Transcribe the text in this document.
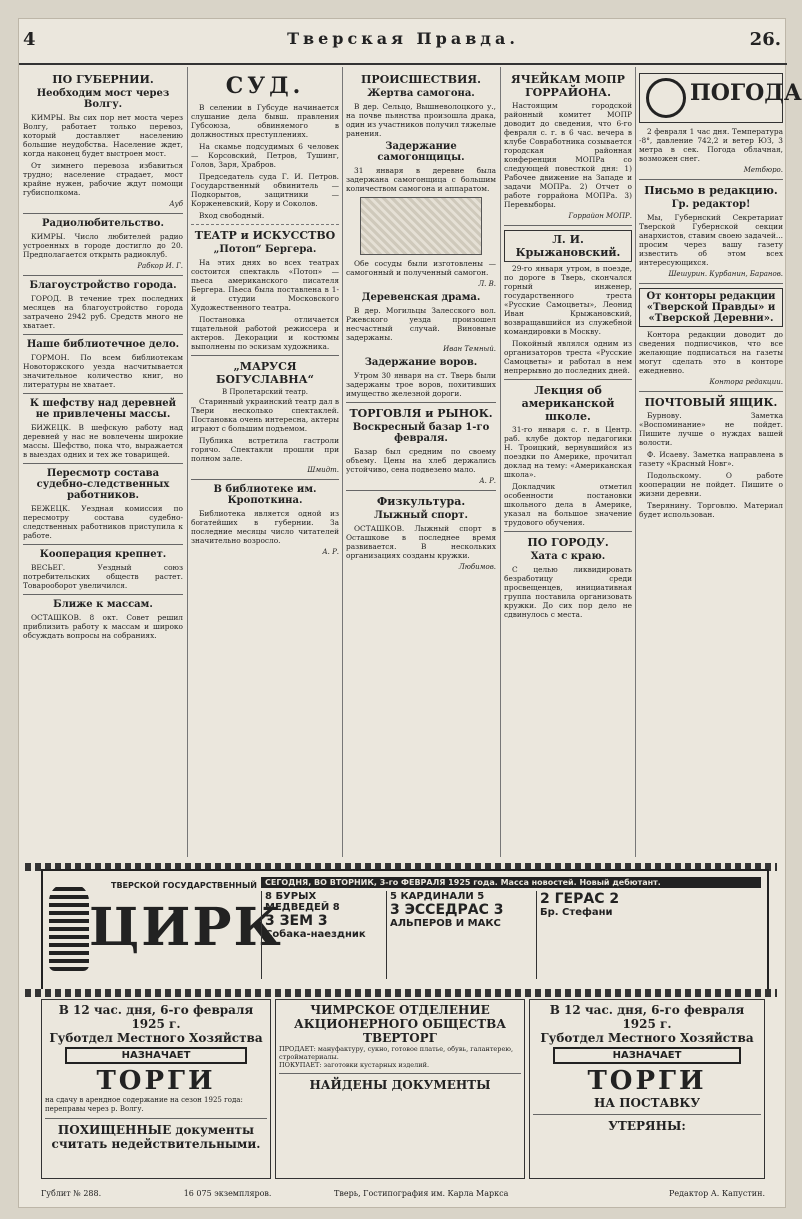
4	Тверская Правда.	26.
ПО ГУБЕРНИИ.
Необходим мост через Волгу.

КИМРЫ. Вы сих пор нет моста через Волгу, работает только перевоз, который доставляет населению большие неудобства. Население ждет, когда наконец будет выстроен мост.

От зимнего перевоза избавиться трудно; население страдает, мост крайне нужен, рабочие ждут помощи губисполкома.

Ауб
Радиолюбительство.

КИМРЫ. Число любителей радио устроенных в городе достигло до 20. Предполагается открыть радиоклуб.

Рабкор И. Г.
Благоустройство города.

ГОРОД. В течение трех последних месяцев на благоустройство города затрачено 2942 руб. Средств много не хватает.

Наше библиотечное дело.

ГОРМОН. По всем библиотекам Новоторжского уезда насчитывается значительное количество книг, но литературы не хватает.

К шефству над деревней не привлечены массы.

БИЖЕЦК. В шефскую работу над деревней у нас не вовлечены широкие массы. Шефство, пока что, выражается в выездах одних и тех же товарищей.

Пересмотр состава судебно-следственных работников.

БЕЖЕЦК. Уездная комиссия по пересмотру состава судебно-следственных работников приступила к работе.

Кооперация крепнет.

ВЕСЬЕГ. Уездный союз потребительских обществ растет. Товарооборот увеличился.

Ближе к массам.

ОСТАШКОВ. 8 окт. Совет решил приблизить работу к массам и широко обсуждать вопросы на собраниях.

СУД.

В селении в Губсуде начинается слушание дела бывш. правления Губсоюза, обвиняемого в должностных преступлениях.

На скамье подсудимых 6 человек — Корсовский, Петров, Тушинг, Голов, Заря, Храбров.

Председатель суда Г. И. Петров. Государственный обвинитель — Подкорытов, защитники — Корженевский, Кору и Соколов.

Вход свободный.

ТЕАТР и ИСКУССТВО
„Потоп“ Бергера.

На этих днях во всех театрах состоится спектакль «Потоп» — пьеса американского писателя Бергера. Пьеса была поставлена в 1-й студии Московского Художественного театра.

Постановка отличается тщательной работой режиссера и актеров. Декорации и костюмы выполнены по эскизам художника.

„МАРУСЯ БОГУСЛАВНА“
В Пролетарский театр.

Старинный украинский театр дал в Твери несколько спектаклей. Постановка очень интересна, актеры играют с большим подъемом.

Публика встретила гастроли горячо. Спектакли прошли при полном зале.

Шмидт.
В библиотеке им. Кропоткина.

Библиотека является одной из богатейших в губернии. За последние месяцы число читателей значительно возросло.

А. Р.
ПРОИСШЕСТВИЯ.
Жертва самогона.

В дер. Сельцо, Вышневолоцкого у., на почве пьянства произошла драка, один из участников получил тяжелые ранения.

Задержание самогонщицы.

31 января в деревне была задержана самогонщица с большим количеством самогона и аппаратом.

Обе сосуды были изготовлены — самогонный и полученный самогон.

Л. В.
Деревенская драма.

В дер. Могильцы Залесского вол. Ржевского уезда произошел несчастный случай. Виновные задержаны.

Иван Темный.
Задержание воров.

Утром 30 января на ст. Тверь были задержаны трое воров, похитивших имущество железной дороги.

ТОРГОВЛЯ и РЫНОК.
Воскресный базар 1-го февраля.

Базар был средним по своему объему. Цены на хлеб держались устойчиво, сена подвезено мало.

А. Р.
Физкультура.
Лыжный спорт.

ОСТАШКОВ. Лыжный спорт в Осташкове в последнее время развивается. В нескольких организациях созданы кружки.

Любимов.
ЯЧЕЙКАМ МОПР ГОРРАЙОНА.

Настоящим городской районный комитет МОПР доводит до сведения, что 6-го февраля с. г. в 6 час. вечера в клубе Совработника созывается городская районная конференция МОПРа со следующей повесткой дня: 1) Рабочее движение на Западе и задачи МОПРа. 2) Отчет о работе горрайона МОПРа. 3) Перевыборы.

Горрайон МОПР.
Л. И. Крыжановский.

29-го января утром, в поезде, по дороге в Тверь, скончался горный инженер, государственного треста «Русские Самоцветы», Леонид Иван Крыжановский, возвращавшийся из служебной командировки в Москву.

Покойный являлся одним из организаторов треста «Русские Самоцветы» и работал в нем непрерывно до последних дней.

Лекция об американской школе.

31-го января с. г. в Центр. раб. клубе доктор педагогики Н. Троицкий, вернувшийся из поездки по Америке, прочитал доклад на тему: «Американская школа».

Докладчик отметил особенности постановки школьного дела в Америке, указал на большое значение трудового обучения.

ПО ГОРОДУ.
Хата с краю.

С целью ликвидировать безработицу среди просвещенцев, инициативная группа поставила организовать кружки. До сих пор дело не сдвинулось с места.

ПОГОДА

2 февраля 1 час дня. Температура -8°, давление 742,2 и ветер ЮЗ, 3 метра в сек. Погода облачная, возможен снег.

Метбюро.
Письмо в редакцию.
Гр. редактор!

Мы, Губернский Секретариат Тверской Губернской секции анархистов, ставим своею задачей... просим через вашу газету известить об этом всех интересующихся.

Шешурин. Курбанин, Баранов.
От конторы редакции «Тверской Правды» и «Тверской Деревни».

Контора редакции доводит до сведения подписчиков, что все желающие подписаться на газеты могут сделать это в конторе ежедневно.

Контора редакции.
ПОЧТОВЫЙ ЯЩИК.

Бурнову. Заметка «Воспоминание» не пойдет. Пишите лучше о нуждах вашей волости.

Ф. Исаеву. Заметка направлена в газету «Красный Новг».

Подольскому. О работе кооперации не пойдет. Пишите о жизни деревни.

Тверянину. Торговлю. Материал будет использован.

ТВЕРСКОЙ ГОСУДАРСТВЕННЫЙ
ЦИРК
СЕГОДНЯ, ВО ВТОРНИК, 3-го ФЕВРАЛЯ 1925 года. Масса новостей. Новый дебютант.
8 БУРЫХ МЕДВЕДЕЙ 8
3 ЗЕМ 3
Собака-наездник
5 КАРДИНАЛИ 5
3 ЭССЕДРАС 3
АЛЬПЕРОВ И МАКС
2 ГЕРАС 2
Бр. Стефани
В 12 час. дня, 6-го февраля 1925 г.
Губотдел Местного Хозяйства
НАЗНАЧАЕТ
ТОРГИ
на сдачу в арендное содержание на сезон 1925 года: переправы через р. Волгу.
ПОХИЩЕННЫЕ документы считать недействительными.
ЧИМРСКОЕ ОТДЕЛЕНИЕ АКЦИОНЕРНОГО ОБЩЕСТВА ТВЕРТОРГ
ПРОДАЕТ: мануфактуру, сукно, готовое платье, обувь, галантерею, стройматериалы.
ПОКУПАЕТ: заготовки кустарных изделий.
НАЙДЕНЫ ДОКУМЕНТЫ
В 12 час. дня, 6-го февраля 1925 г.
Губотдел Местного Хозяйства
НАЗНАЧАЕТ
ТОРГИ
НА ПОСТАВКУ
УТЕРЯНЫ:
Гублит № 288.	16 075 экземпляров.	Тверь, Гостипография им. Карла Маркса	Редактор А. Капустин.
